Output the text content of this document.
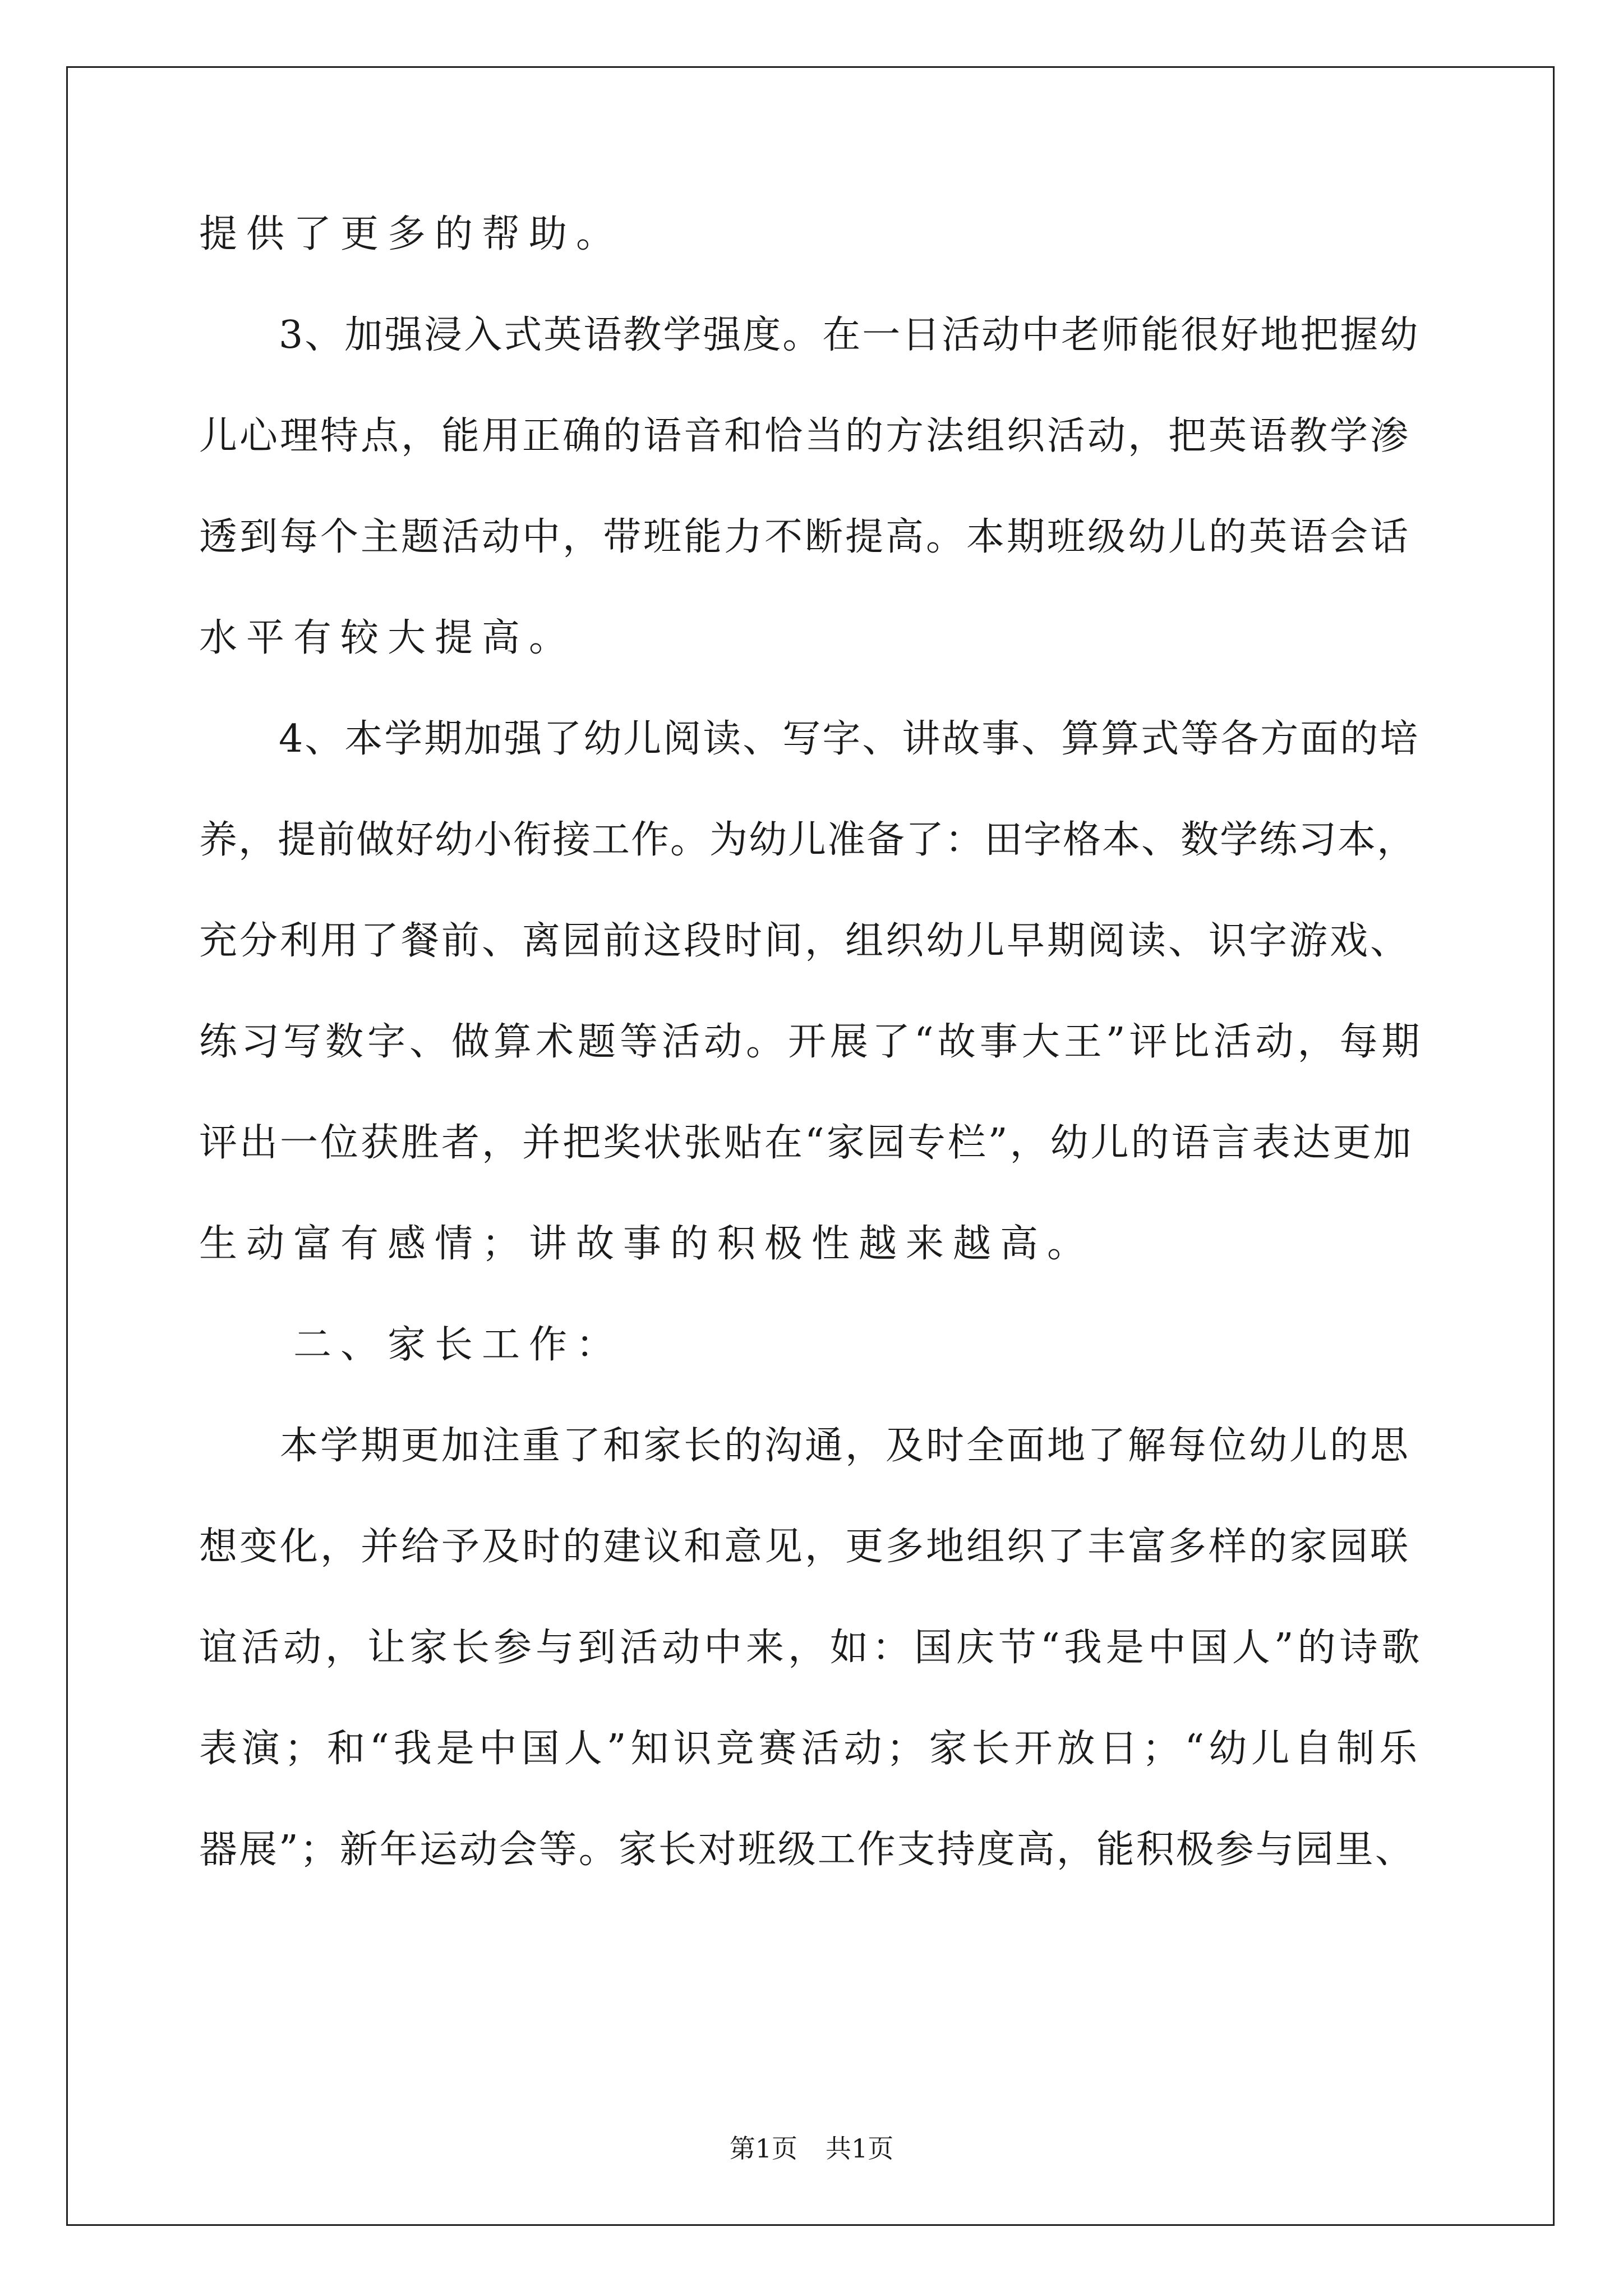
提供了更多的帮助。
　　3、加强浸入式英语教学强度。在一日活动中老师能很好地把握幼
儿心理特点，能用正确的语音和恰当的方法组织活动，把英语教学渗
透到每个主题活动中，带班能力不断提高。本期班级幼儿的英语会话
水平有较大提高。
　　4、本学期加强了幼儿阅读、写字、讲故事、算算式等各方面的培
养，提前做好幼小衔接工作。为幼儿准备了：田字格本、数学练习本，
充分利用了餐前、离园前这段时间，组织幼儿早期阅读、识字游戏、
练习写数字、做算术题等活动。开展了“故事大王”评比活动，每期
评出一位获胜者，并把奖状张贴在“家园专栏”，幼儿的语言表达更加
生动富有感情；讲故事的积极性越来越高。
　　二、家长工作：
　　本学期更加注重了和家长的沟通，及时全面地了解每位幼儿的思
想变化，并给予及时的建议和意见，更多地组织了丰富多样的家园联
谊活动，让家长参与到活动中来，如：国庆节“我是中国人”的诗歌
表演；和“我是中国人”知识竞赛活动；家长开放日；“幼儿自制乐
器展”；新年运动会等。家长对班级工作支持度高，能积极参与园里、
第1页 共1页
